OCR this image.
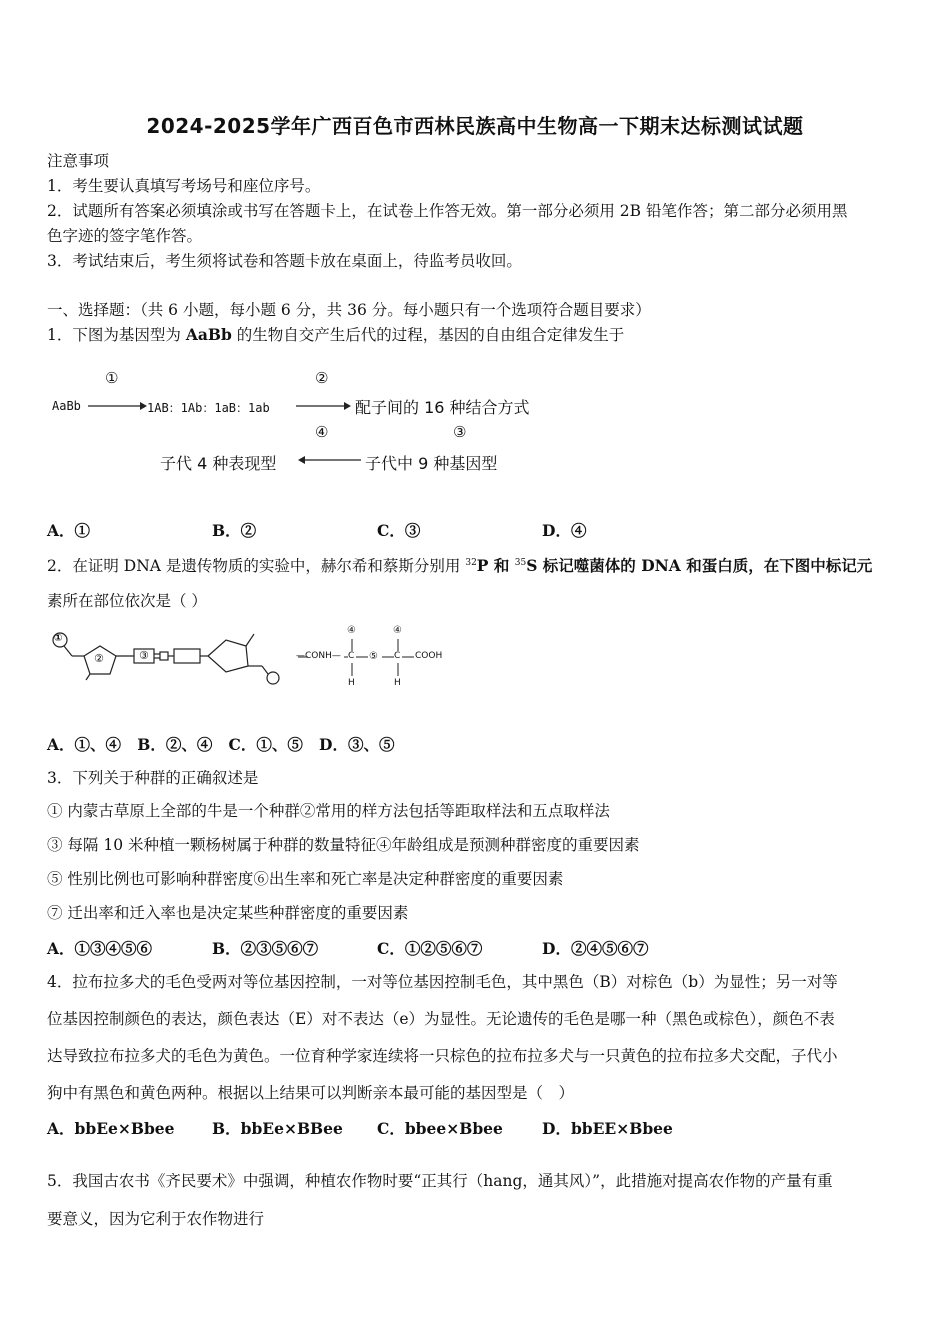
2024-2025学年广西百色市西林民族高中生物高一下期末达标测试试题
注意事项
1．考生要认真填写考场号和座位序号。
2．试题所有答案必须填涂或书写在答题卡上，在试卷上作答无效。第一部分必须用 2B 铅笔作答；第二部分必须用黑
色字迹的签字笔作答。
3．考试结束后，考生须将试卷和答题卡放在桌面上，待监考员收回。
一、选择题：（共 6 小题，每小题 6 分，共 36 分。每小题只有一个选项符合题目要求）
1．下图为基因型为 AaBb 的生物自交产生后代的过程，基因的自由组合定律发生于
①	②
AaBb	1AB：1Ab：1aB：1ab	配子间的 16 种结合方式
④	③
子代 4 种表现型	子代中 9 种基因型
A．①	B．②	C．③	D．④
2．在证明 DNA 是遗传物质的实验中，赫尔希和蔡斯分别用 $^{32}$P 和 $^{35}$S 标记噬菌体的 DNA 和蛋白质，在下图中标记元
素所在部位依次是（ ）
①
②	③	—CONH—
④	④
C	C
⑤	COOH
H	H
A．①、④   B．②、④   C．①、⑤   D．③、⑤
3．下列关于种群的正确叙述是
① 内蒙古草原上全部的牛是一个种群②常用的样方法包括等距取样法和五点取样法
③ 每隔 10 米种植一颗杨树属于种群的数量特征④年龄组成是预测种群密度的重要因素
⑤ 性别比例也可影响种群密度⑥出生率和死亡率是决定种群密度的重要因素
⑦ 迁出率和迁入率也是决定某些种群密度的重要因素
A．①③④⑤⑥	B．②③⑤⑥⑦	C．①②⑤⑥⑦	D．②④⑤⑥⑦
4．拉布拉多犬的毛色受两对等位基因控制，一对等位基因控制毛色，其中黑色（B）对棕色（b）为显性；另一对等
位基因控制颜色的表达，颜色表达（E）对不表达（e）为显性。无论遗传的毛色是哪一种（黑色或棕色），颜色不表
达导致拉布拉多犬的毛色为黄色。一位育种学家连续将一只棕色的拉布拉多犬与一只黄色的拉布拉多犬交配，子代小
狗中有黑色和黄色两种。根据以上结果可以判断亲本最可能的基因型是（　）
A．bbEe×Bbee B．bbEe×BBee C．bbee×Bbee	D．bbEE×Bbee
5．我国古农书《齐民要术》中强调，种植农作物时要“正其行（hang，通其风）”，此措施对提高农作物的产量有重
要意义，因为它利于农作物进行
